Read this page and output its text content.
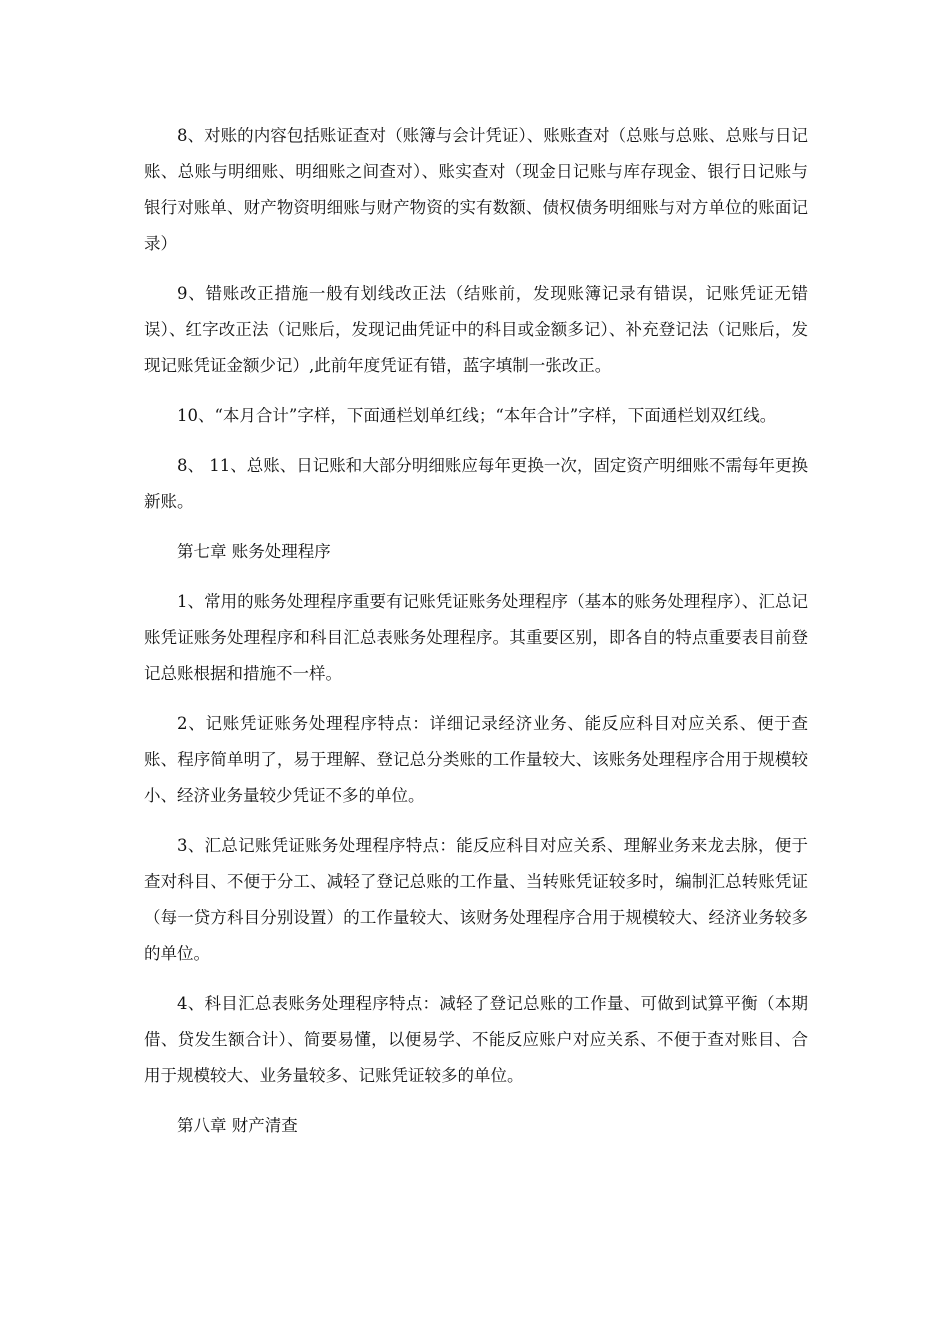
8、对账的内容包括账证查对（账簿与会计凭证）、账账查对（总账与总账、总账与日记账、总账与明细账、明细账之间查对）、账实查对（现金日记账与库存现金、银行日记账与银行对账单、财产物资明细账与财产物资的实有数额、债权债务明细账与对方单位的账面记录）

9、错账改正措施一般有划线改正法（结账前，发现账簿记录有错误，记账凭证无错误）、红字改正法（记账后，发现记曲凭证中的科目或金额多记）、补充登记法（记账后，发现记账凭证金额少记）,此前年度凭证有错，蓝字填制一张改正。

10、“本月合计”字样，下面通栏划单红线；“本年合计”字样，下面通栏划双红线。

8、 11、总账、日记账和大部分明细账应每年更换一次，固定资产明细账不需每年更换新账。

第七章 账务处理程序

1、常用的账务处理程序重要有记账凭证账务处理程序（基本的账务处理程序）、汇总记账凭证账务处理程序和科目汇总表账务处理程序。其重要区别，即各自的特点重要表目前登记总账根据和措施不一样。

2、记账凭证账务处理程序特点：详细记录经济业务、能反应科目对应关系、便于查账、程序简单明了，易于理解、登记总分类账的工作量较大、该账务处理程序合用于规模较小、经济业务量较少凭证不多的单位。

3、汇总记账凭证账务处理程序特点：能反应科目对应关系、理解业务来龙去脉，便于查对科目、不便于分工、减轻了登记总账的工作量、当转账凭证较多时，编制汇总转账凭证（每一贷方科目分别设置）的工作量较大、该财务处理程序合用于规模较大、经济业务较多的单位。

4、科目汇总表账务处理程序特点：减轻了登记总账的工作量、可做到试算平衡（本期借、贷发生额合计）、简要易懂，以便易学、不能反应账户对应关系、不便于查对账目、合用于规模较大、业务量较多、记账凭证较多的单位。

第八章 财产清查
